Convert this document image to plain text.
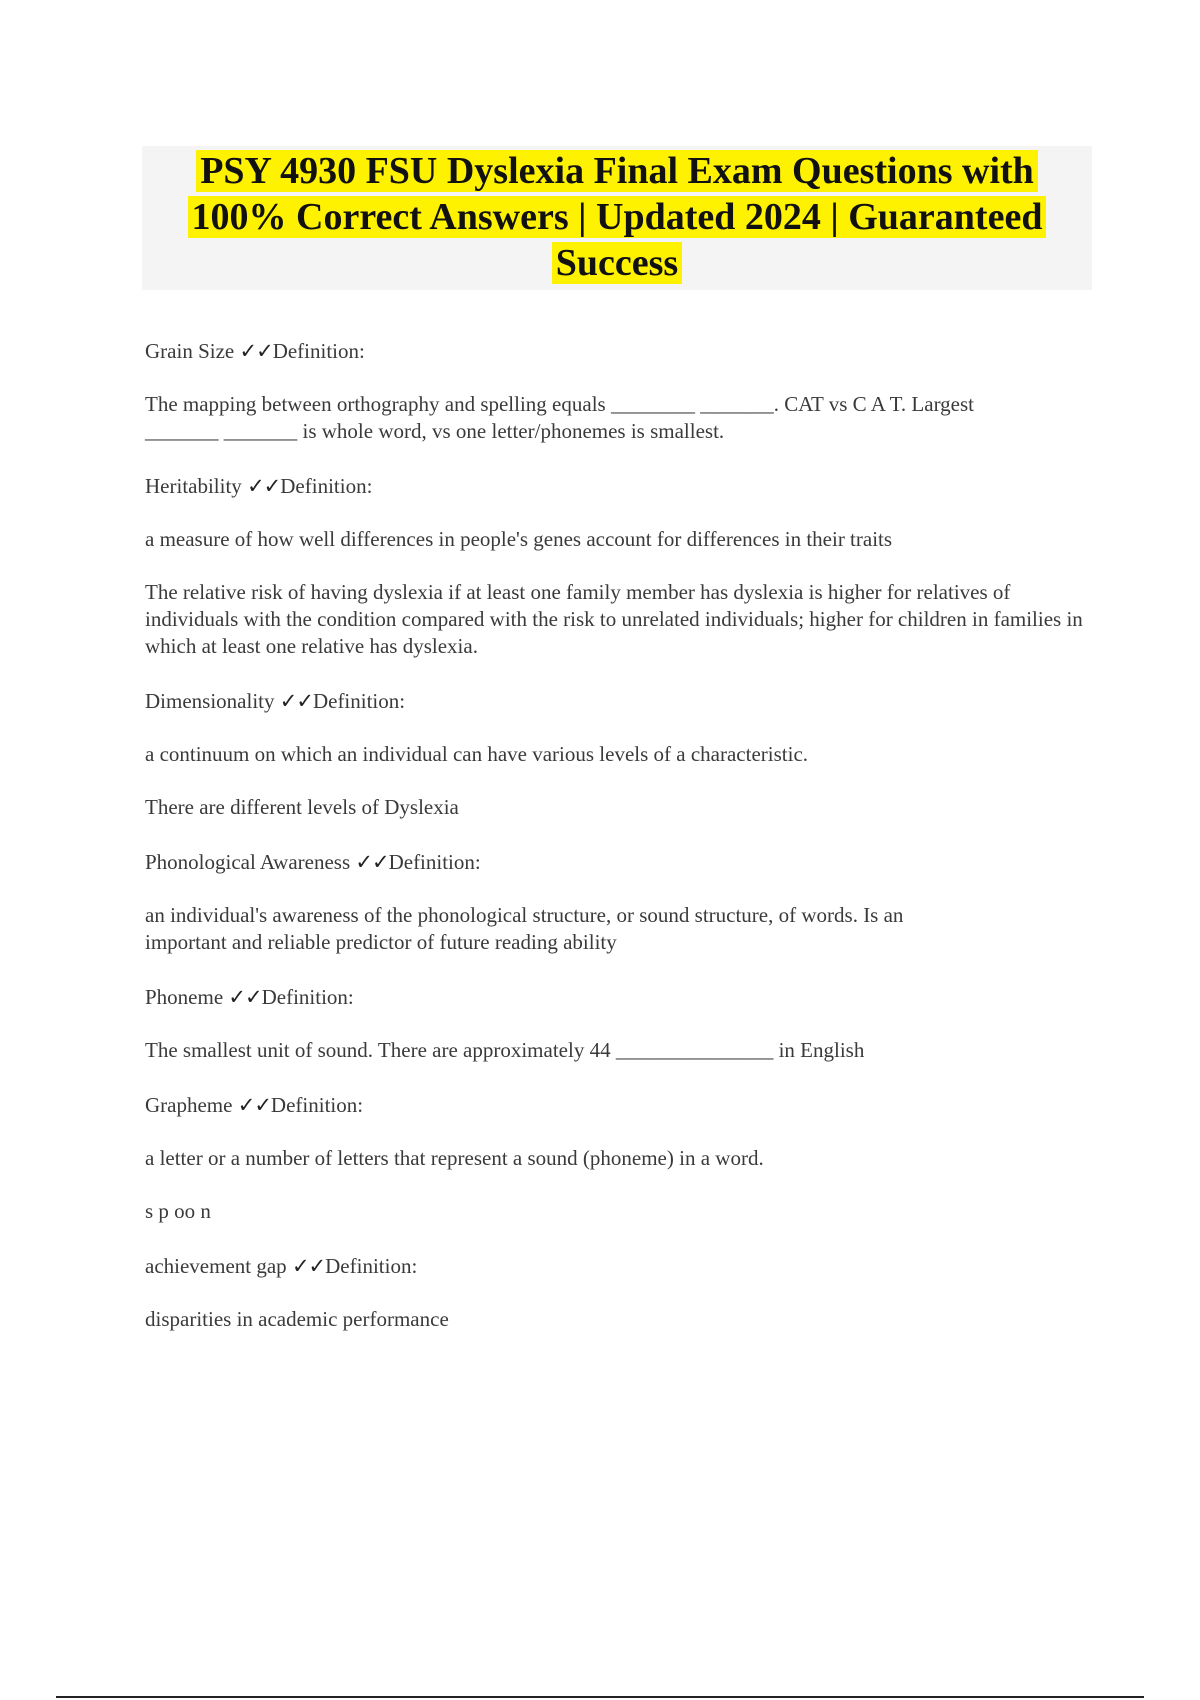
PSY 4930 FSU Dyslexia Final Exam Questions with
100% Correct Answers | Updated 2024 | Guaranteed
Success

Grain Size ✓✓Definition:

The mapping between orthography and spelling equals ________ _______. CAT vs C A T. Largest _______ _______ is whole word, vs one letter/phonemes is smallest.

Heritability ✓✓Definition:

a measure of how well differences in people's genes account for differences in their traits

The relative risk of having dyslexia if at least one family member has dyslexia is higher for relatives of individuals with the condition compared with the risk to unrelated individuals; higher for children in families in which at least one relative has dyslexia.

Dimensionality ✓✓Definition:

a continuum on which an individual can have various levels of a characteristic.

There are different levels of Dyslexia

Phonological Awareness ✓✓Definition:

an individual's awareness of the phonological structure, or sound structure, of words. Is an important and reliable predictor of future reading ability

Phoneme ✓✓Definition:

The smallest unit of sound. There are approximately 44 _______________ in English

Grapheme ✓✓Definition:

a letter or a number of letters that represent a sound (phoneme) in a word.

s p oo n

achievement gap ✓✓Definition:

disparities in academic performance
